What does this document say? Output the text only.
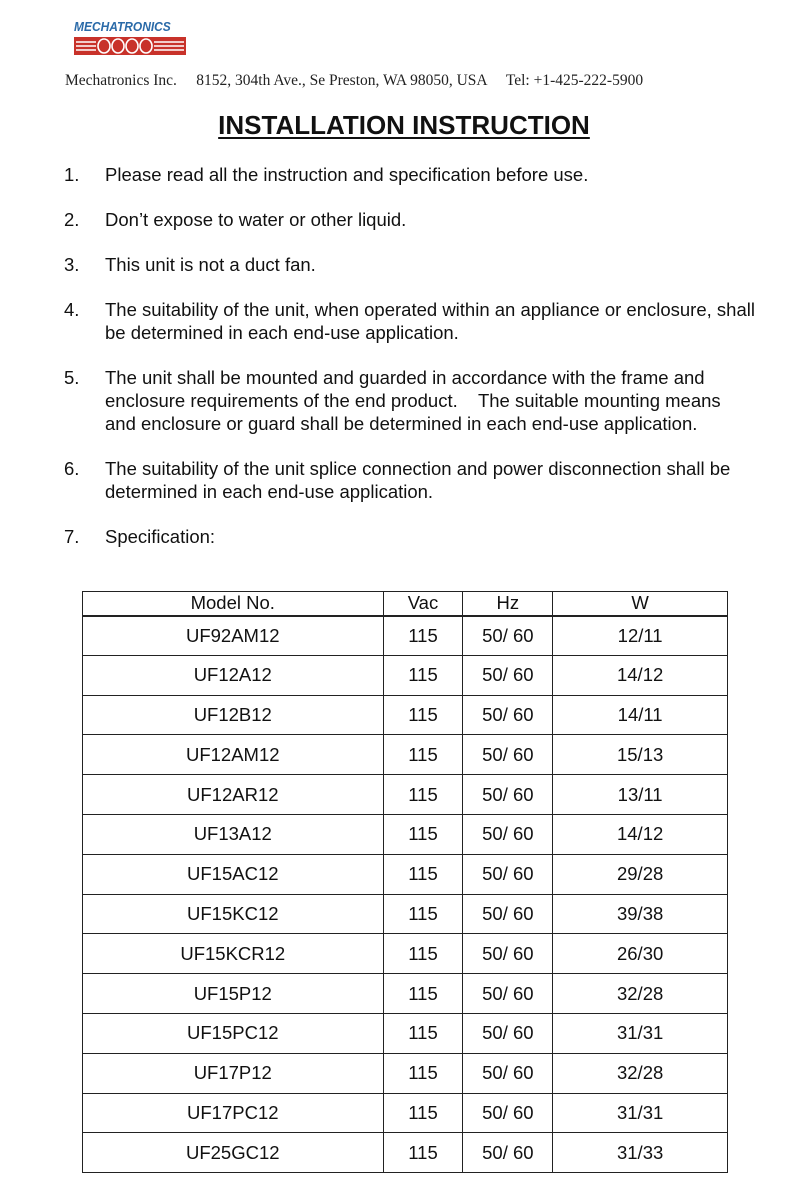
MECHATRONICS
Mechatronics Inc.     8152, 304th Ave., Se Preston, WA 98050, USA     Tel: +1-425-222-5900
INSTALLATION INSTRUCTION
1. Please read all the instruction and specification before use.
2. Don’t expose to water or other liquid.
3. This unit is not a duct fan.
4. The suitability of the unit, when operated within an appliance or enclosure, shall be determined in each end-use application.
5. The unit shall be mounted and guarded in accordance with the frame and enclosure requirements of the end product.    The suitable mounting means and enclosure or guard shall be determined in each end-use application.
6. The suitability of the unit splice connection and power disconnection shall be determined in each end-use application.
7. Specification:
Model No.	Vac	Hz	W
UF92AM12	115	50/ 60	12/11
UF12A12	115	50/ 60	14/12
UF12B12	115	50/ 60	14/11
UF12AM12	115	50/ 60	15/13
UF12AR12	115	50/ 60	13/11
UF13A12	115	50/ 60	14/12
UF15AC12	115	50/ 60	29/28
UF15KC12	115	50/ 60	39/38
UF15KCR12	115	50/ 60	26/30
UF15P12	115	50/ 60	32/28
UF15PC12	115	50/ 60	31/31
UF17P12	115	50/ 60	32/28
UF17PC12	115	50/ 60	31/31
UF25GC12	115	50/ 60	31/33
